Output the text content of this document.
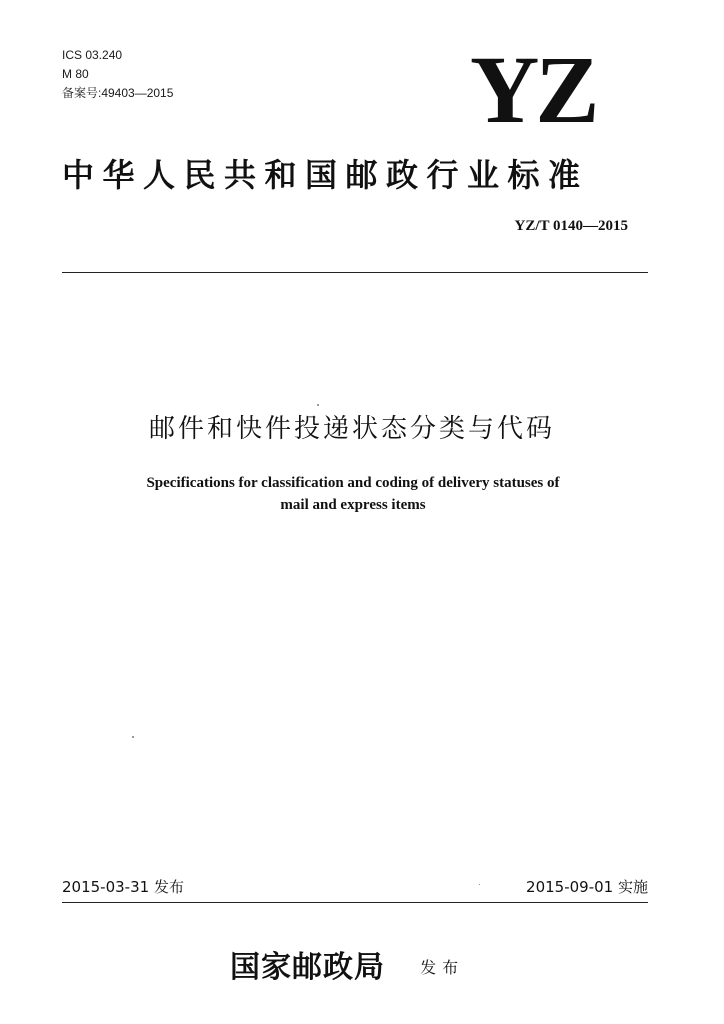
ICS 03.240
M 80
备案号:49403—2015	YZ
中华人民共和国邮政行业标准
YZ/T 0140—2015
邮件和快件投递状态分类与代码
Specifications for classification and coding of delivery statuses of
mail and express items
2015-03-31 发布	2015-09-01 实施
国家邮政局 发布
